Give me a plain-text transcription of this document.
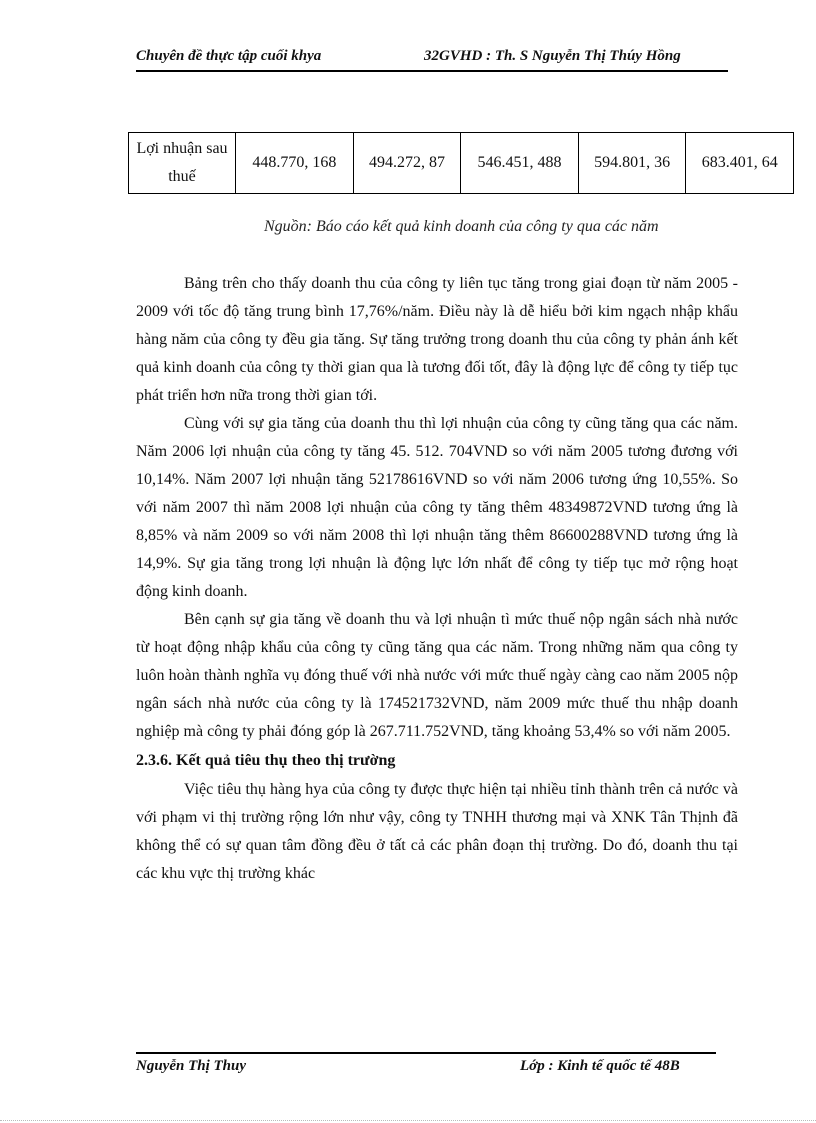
Chuyên đề thực tập cuối khya	32GVHD : Th. S Nguyễn Thị Thúy Hồng
Lợi nhuận sau thuế	448.770, 168	494.272, 87	546.451, 488	594.801, 36	683.401, 64
Nguồn: Báo cáo kết quả kinh doanh của công ty qua các năm

Bảng trên cho thấy doanh thu của công ty liên tục tăng trong giai đoạn từ năm 2005 - 2009 với tốc độ tăng trung bình 17,76%/năm. Điều này là dễ hiểu bởi kim ngạch nhập khẩu hàng năm của công ty đều gia tăng. Sự tăng trưởng trong doanh thu của công ty phản ánh kết quả kinh doanh của công ty thời gian qua là tương đối tốt, đây là động lực để công ty tiếp tục phát triển hơn nữa trong thời gian tới.

Cùng với sự gia tăng của doanh thu thì lợi nhuận của công ty cũng tăng qua các năm. Năm 2006 lợi nhuận của công ty tăng 45. 512. 704VND so với năm 2005 tương đương với 10,14%. Năm 2007 lợi nhuận tăng 52178616VND so với năm 2006 tương ứng 10,55%. So với năm 2007 thì năm 2008 lợi nhuận của công ty tăng thêm 48349872VND tương ứng là 8,85% và năm 2009 so với năm 2008 thì lợi nhuận tăng thêm 86600288VND tương ứng là 14,9%. Sự gia tăng trong lợi nhuận là động lực lớn nhất để công ty tiếp tục mở rộng hoạt động kinh doanh.

Bên cạnh sự gia tăng về doanh thu và lợi nhuận tì mức thuế nộp ngân sách nhà nước từ hoạt động nhập khẩu của công ty cũng tăng qua các năm. Trong những năm qua công ty luôn hoàn thành nghĩa vụ đóng thuế với nhà nước với mức thuế ngày càng cao năm 2005 nộp ngân sách nhà nước của công ty là 174521732VND, năm 2009 mức thuế thu nhập doanh nghiệp mà công ty phải đóng góp là 267.711.752VND, tăng khoảng 53,4% so với năm 2005.

2.3.6. Kết quả tiêu thụ theo thị trường

Việc tiêu thụ hàng hya của công ty được thực hiện tại nhiều tỉnh thành trên cả nước và với phạm vi thị trường rộng lớn như vậy, công ty TNHH thương mại và XNK Tân Thịnh đã không thể có sự quan tâm đồng đều ở tất cả các phân đoạn thị trường. Do đó, doanh thu tại các khu vực thị trường khác

Nguyễn Thị Thuy	Lớp : Kinh tế quốc tế 48B
